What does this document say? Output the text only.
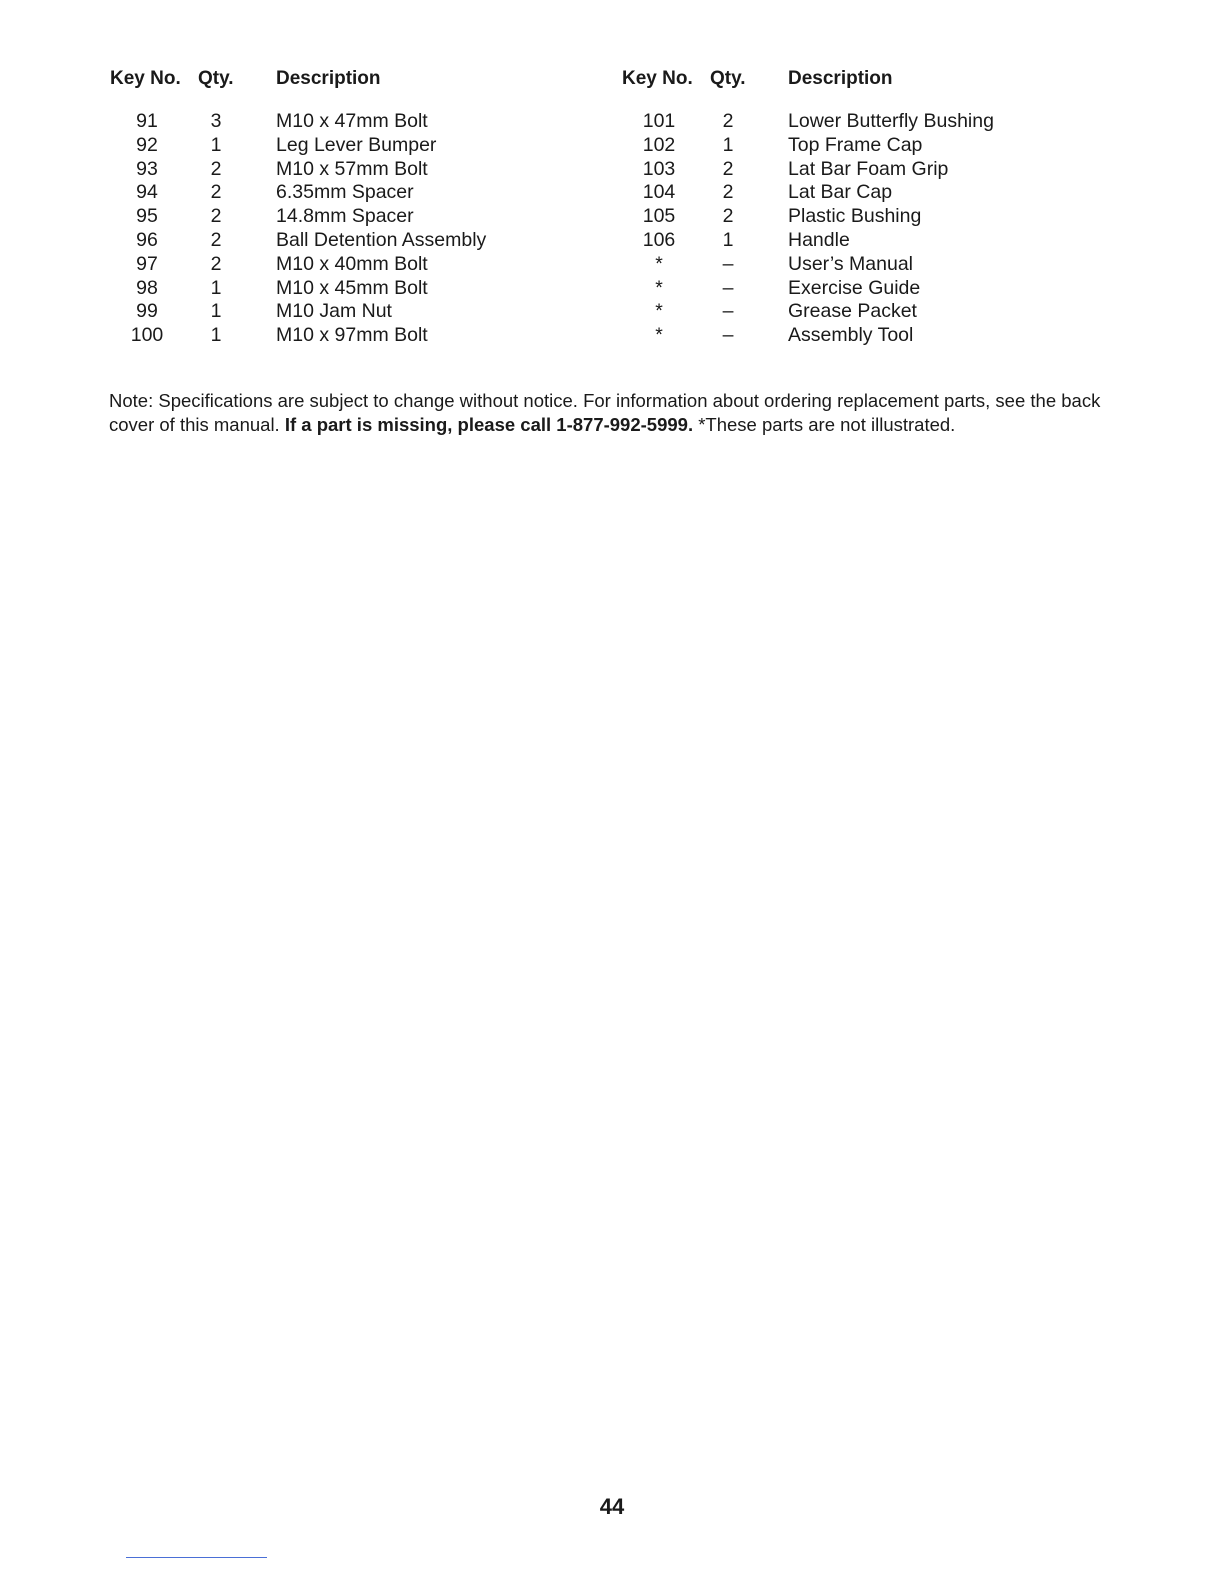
Key No. Qty. Description
91	3	M10 x 47mm Bolt
92	1	Leg Lever Bumper
93	2	M10 x 57mm Bolt
94	2	6.35mm Spacer
95	2	14.8mm Spacer
96	2	Ball Detention Assembly
97	2	M10 x 40mm Bolt
98	1	M10 x 45mm Bolt
99	1	M10 Jam Nut
100	1	M10 x 97mm Bolt
Key No. Qty. Description
101	2	Lower Butterfly Bushing
102	1	Top Frame Cap
103	2	Lat Bar Foam Grip
104	2	Lat Bar Cap
105	2	Plastic Bushing
106	1	Handle
*	–	User’s Manual
*	–	Exercise Guide
*	–	Grease Packet
*	–	Assembly Tool

Note: Specifications are subject to change without notice. For information about ordering replacement parts, see the back cover of this manual. If a part is missing, please call 1-877-992-5999. *These parts are not illustrated.

44
